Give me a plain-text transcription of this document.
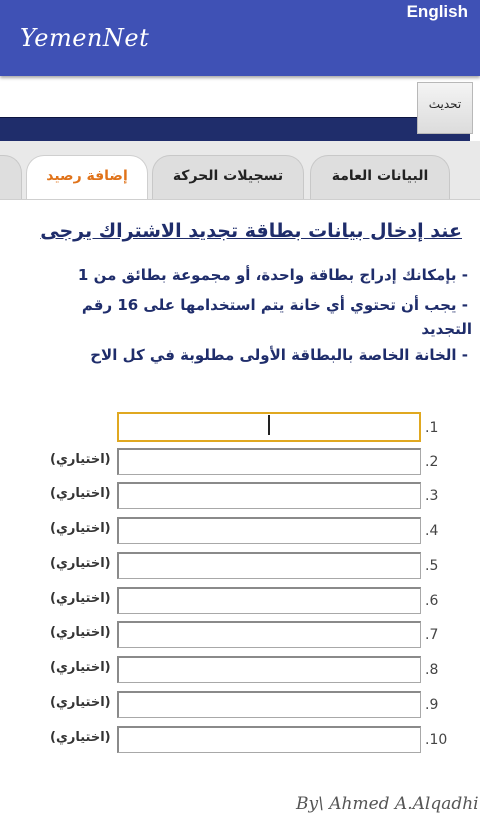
YemenNet
English
تحديث
البيانات العامة
تسجيلات الحركة
إضافة رصيد
عند إدخال بيانات بطاقة تجديد الاشتراك يرجى
- بإمكانك إدراج بطاقة واحدة، أو مجموعة بطائق من 1
- يجب أن تحتوي أي خانة يتم استخدامها على 16 رقم
التجديد
- الخانة الخاصة بالبطاقة الأولى مطلوبة في كل الاح
.1
.2
(اختياري)
.3
(اختياري)
.4
(اختياري)
.5
(اختياري)
.6
(اختياري)
.7
(اختياري)
.8
(اختياري)
.9
(اختياري)
.10
(اختياري)
By\ Ahmed A.Alqadhi
